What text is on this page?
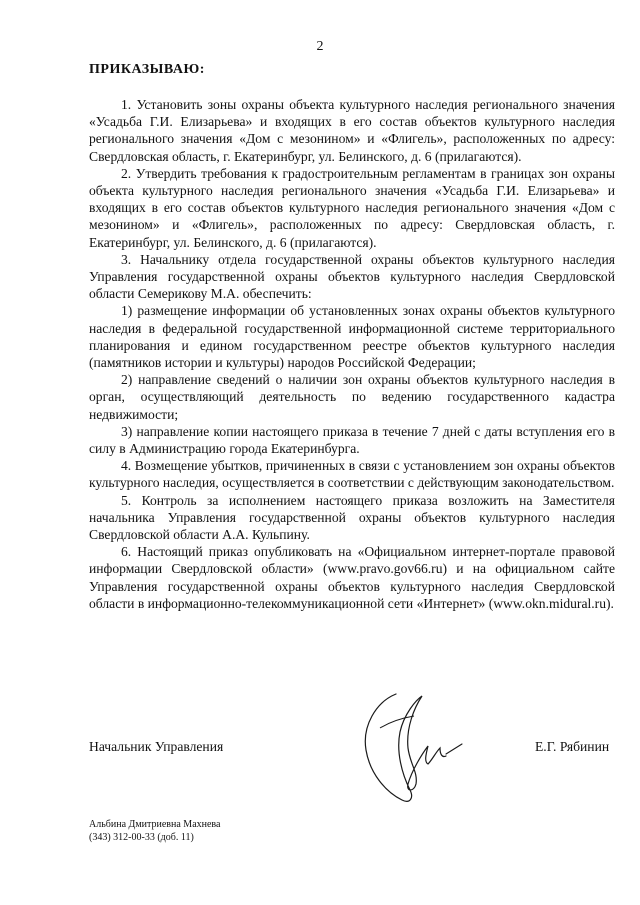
2
ПРИКАЗЫВАЮ:

1. Установить зоны охраны объекта культурного наследия регионального значения «Усадьба Г.И. Елизарьева» и входящих в его состав объектов культурного наследия регионального значения «Дом с мезонином» и «Флигель», расположенных по адресу: Свердловская область, г. Екатеринбург, ул. Белинского, д. 6 (прилагаются).

2. Утвердить требования к градостроительным регламентам в границах зон охраны объекта культурного наследия регионального значения «Усадьба Г.И. Елизарьева» и входящих в его состав объектов культурного наследия регионального значения «Дом с мезонином» и «Флигель», расположенных по адресу: Свердловская область, г. Екатеринбург, ул. Белинского, д. 6 (прилагаются).

3. Начальнику отдела государственной охраны объектов культурного наследия Управления государственной охраны объектов культурного наследия Свердловской области Семерикову М.А. обеспечить:

1) размещение информации об установленных зонах охраны объектов культурного наследия в федеральной государственной информационной системе территориального планирования и едином государственном реестре объектов культурного наследия (памятников истории и культуры) народов Российской Федерации;

2) направление сведений о наличии зон охраны объектов культурного наследия в орган, осуществляющий деятельность по ведению государственного кадастра недвижимости;

3) направление копии настоящего приказа в течение 7 дней с даты вступления его в силу в Администрацию города Екатеринбурга.

4. Возмещение убытков, причиненных в связи с установлением зон охраны объектов культурного наследия, осуществляется в соответствии с действующим законодательством.

5. Контроль за исполнением настоящего приказа возложить на Заместителя начальника Управления государственной охраны объектов культурного наследия Свердловской области А.А. Кульпину.

6. Настоящий приказ опубликовать на «Официальном интернет-портале правовой информации Свердловской области» (www.pravo.gov66.ru) и на официальном сайте Управления государственной охраны объектов культурного наследия Свердловской области в информационно-телекоммуникационной сети «Интернет» (www.okn.midural.ru).

Начальник Управления	Е.Г. Рябинин
Альбина Дмитриевна Махнева
(343) 312-00-33 (доб. 11)
